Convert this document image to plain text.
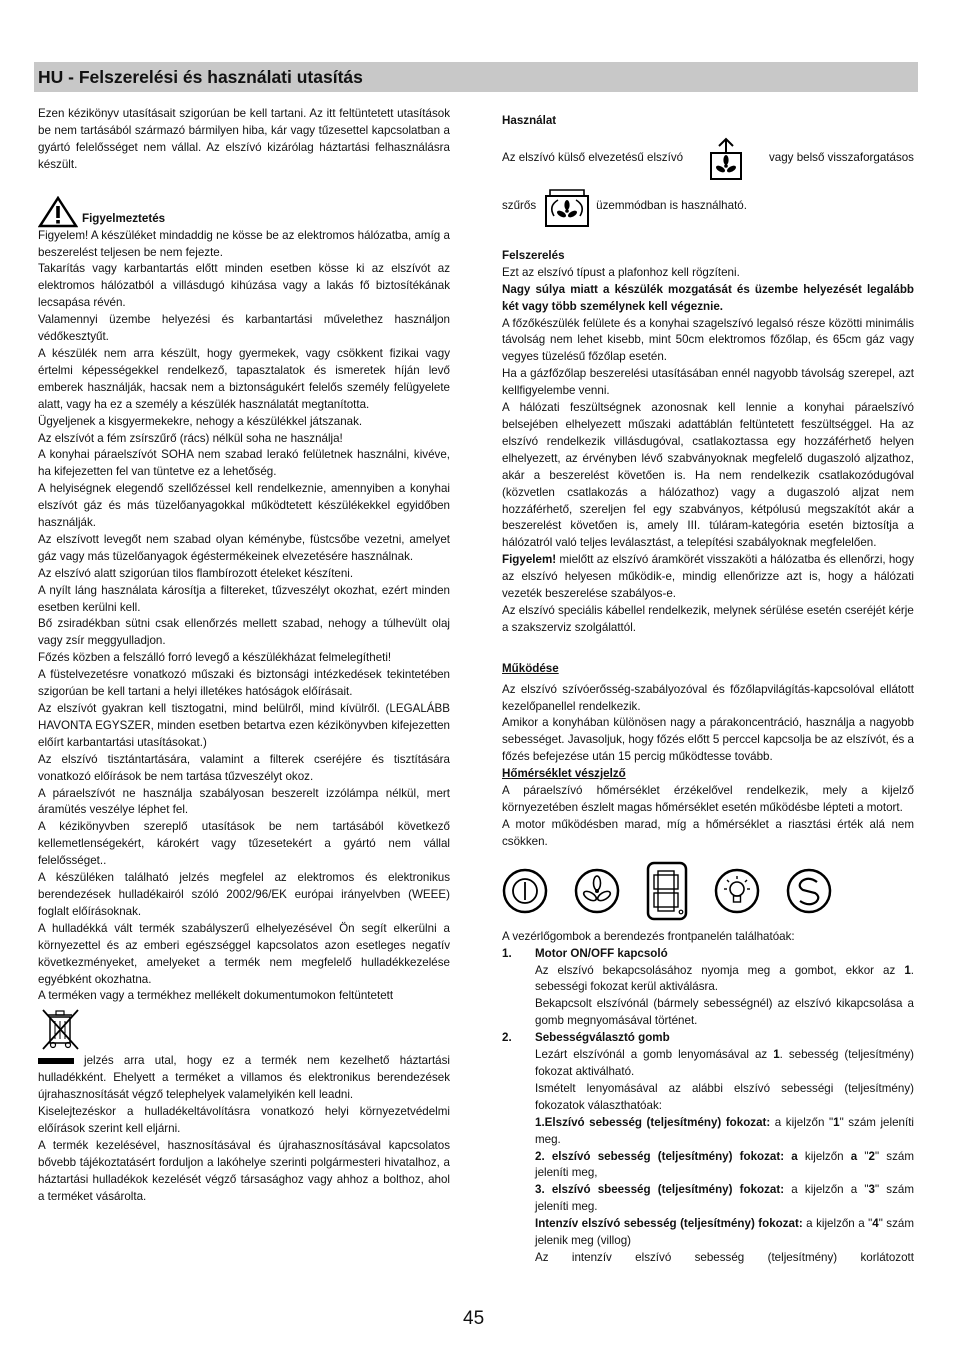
HU - Felszerelési és használati utasítás

Ezen kézikönyv utasításait szigorúan be kell tartani. Az itt feltüntetett utasítások be nem tartásából származó bármilyen hiba, kár vagy tűzesettel kapcsolatban a gyártó felelősséget nem vállal. Az elszívó kizárólag háztartási felhasználásra készült.

Figyelmeztetés

Figyelem! A készüléket mindaddig ne kösse be az elektromos hálózatba, amíg a beszerelést teljesen be nem fejezte.

Takarítás vagy karbantartás előtt minden esetben kösse ki az elszívót az elektromos hálózatból a villásdugó kihúzása vagy a lakás fő biztosítékának lecsapása révén.

Valamennyi üzembe helyezési és karbantartási művelethez használjon védőkesztyűt.

A készülék nem arra készült, hogy gyermekek, vagy csökkent fizikai vagy értelmi képességekkel rendelkező, tapasztalatok és ismeretek híján levő emberek használják, hacsak nem a biztonságukért felelős személy felügyelete alatt, vagy ha ez a személy a készülék használatát megtanította.

Ügyeljenek a kisgyermekekre, nehogy a készülékkel játszanak.

Az elszívót a fém zsírszűrő (rács) nélkül soha ne használja!

A konyhai páraelszívót SOHA nem szabad lerakó felületnek használni, kivéve, ha kifejezetten fel van tüntetve ez a lehetőség.

A helyiségnek elegendő szellőzéssel kell rendelkeznie, amennyiben a konyhai elszívót gáz és más tüzelőanyagokkal működtetett készülékekkel egyidőben használják.

Az elszívott levegőt nem szabad olyan kéménybe, füstcsőbe vezetni, amelyet gáz vagy más tüzelőanyagok égéstermékeinek elvezetésére használnak.

Az elszívó alatt szigorúan tilos flambírozott ételeket készíteni.

A nyílt láng használata károsítja a filtereket, tűzveszélyt okozhat, ezért minden esetben kerülni kell.

Bő zsiradékban sütni csak ellenőrzés mellett szabad, nehogy a túlhevült olaj vagy zsír meggyulladjon.

Főzés közben a felszálló forró levegő a készülékházat felmelegítheti!

A füstelvezetésre vonatkozó műszaki és biztonsági intézkedések tekintetében szigorúan be kell tartani a helyi illetékes hatóságok előírásait.

Az elszívót gyakran kell tisztogatni, mind belülről, mind kívülről. (LEGALÁBB HAVONTA EGYSZER, minden esetben betartva ezen kézikönyvben kifejezetten előírt karbantartási utasításokat.)

Az elszívó tisztántartására, valamint a filterek cseréjére és tisztítására vonatkozó előírások be nem tartása tűzveszélyt okoz.

A páraelszívót ne használja szabályosan beszerelt izzólámpa nélkül, mert áramütés veszélye léphet fel.

A kézikönyvben szereplő utasítások be nem tartásából következő kellemetlenségekért, károkért vagy tűzesetekért a gyártó nem vállal felelősséget..

A készüléken található jelzés megfelel az elektromos és elektronikus berendezések hulladékairól szóló 2002/96/EK európai irányelvben (WEEE) foglalt előírásoknak.

A hulladékká vált termék szabályszerű elhelyezésével Ön segít elkerülni a környezettel és az emberi egészséggel kapcsolatos azon esetleges negatív következményeket, amelyeket a termék nem megfelelő hulladékkezelése egyébként okozhatna.

A terméken vagy a termékhez mellékelt dokumentumokon feltüntetett

jelzés arra utal, hogy ez a termék nem kezelhető háztartási hulladékként. Ehelyett a terméket a villamos és elektronikus berendezések újrahasznosítását végző telephelyek valamelyikén kell leadni.

Kiselejtezéskor a hulladékeltávolításra vonatkozó helyi környezetvédelmi előírások szerint kell eljárni.

A termék kezelésével, hasznosításával és újrahasznosításával kapcsolatos bővebb tájékoztatásért forduljon a lakóhelye szerinti polgármesteri hivatalhoz, a háztartási hulladékok kezelését végző társasághoz vagy ahhoz a bolthoz, ahol a terméket vásárolta.

Használat

Az elszívó külső elvezetésű elszívó	vagy belső visszaforgatásos
szűrős	üzemmódban is használható.

Felszerelés

Ezt az elszívó típust a plafonhoz kell rögzíteni.

Nagy súlya miatt a készülék mozgatását és üzembe helyezését legalább két vagy több személynek kell végeznie.

A főzőkészülék felülete és a konyhai szagelszívó legalsó része közötti minimális távolság nem lehet kisebb, mint 50cm elektromos főzőlap, és 65cm gáz vagy vegyes tüzelésű főzőlap esetén.

Ha a gázfőzőlap beszerelési utasításában ennél nagyobb távolság szerepel, azt kellfigyelembe venni.

A hálózati feszültségnek azonosnak kell lennie a konyhai páraelszívó belsejében elhelyezett műszaki adattáblán feltüntetett feszültséggel. Ha az elszívó rendelkezik villásdugóval, csatlakoztassa egy hozzáférhető helyen elhelyezett, az érvényben lévő szabványoknak megfelelő dugaszoló aljzathoz, akár a beszerelést követően is. Ha nem rendelkezik csatlakozódugóval (közvetlen csatlakozás a hálózathoz) vagy a dugaszoló aljzat nem hozzáférhető, szereljen fel egy szabványos, kétpólusú megszakítót akár a beszerelést követően is, amely III. túláram-kategória esetén biztosítja a hálózatról való teljes leválasztást, a telepítési szabályoknak megfelelően.

Figyelem! mielőtt az elszívó áramkörét visszaköti a hálózatba és ellenőrzi, hogy az elszívó helyesen működik-e, mindig ellenőrizze azt is, hogy a hálózati vezeték beszerelése szabályos-e.

Az elszívó speciális kábellel rendelkezik, melynek sérülése esetén cseréjét kérje a szakszerviz szolgálattól.

Működése

Az elszívó szívóerősség-szabályozóval és főzőlapvilágítás-kapcsolóval ellátott kezelőpanellel rendelkezik.

Amikor a konyhában különösen nagy a párakoncentráció, használja a nagyobb sebességet. Javasoljuk, hogy főzés előtt 5 perccel kapcsolja be az elszívót, és a főzés befejezése után 15 percig működtesse tovább.

Hőmérséklet vészjelző

A páraelszívó hőmérséklet érzékelővel rendelkezik, mely a kijelző környezetében észlelt magas hőmérséklet esetén működésbe lépteti a motort.

A motor működésben marad, míg a hőmérséklet a riasztási érték alá nem csökken.

A vezérlőgombok a berendezés frontpanelén találhatóak:

1.	Motor ON/OFF kapcsoló

Az elszívó bekapcsolásához nyomja meg a gombot, ekkor az 1. sebességi fokozat kerül aktiválásra.

Bekapcsolt elszívónál (bármely sebességnél) az elszívó kikapcsolása a gomb megnyomásával történet.

2.	Sebességválasztó gomb

Lezárt elszívónál a gomb lenyomásával az 1. sebesség (teljesítmény) fokozat aktiválható.

Ismételt lenyomásával az alábbi elszívó sebességi (teljesítmény) fokozatok választhatóak:

1.Elszívó sebesség (teljesítmény) fokozat: a kijelzőn "1" szám jeleníti meg.

2. elszívó sebesség (teljesítmény) fokozat: a kijelzőn a "2" szám jeleníti meg,

3. elszívó sbeesség (teljesítmény) fokozat: a kijelzőn a "3" szám jeleníti meg.

Intenzív elszívó sebesség (teljesítmény) fokozat: a kijelzőn a "4" szám jelenik meg (villog)

Az intenzív elszívó sebesség (teljesítmény) korlátozott

45
